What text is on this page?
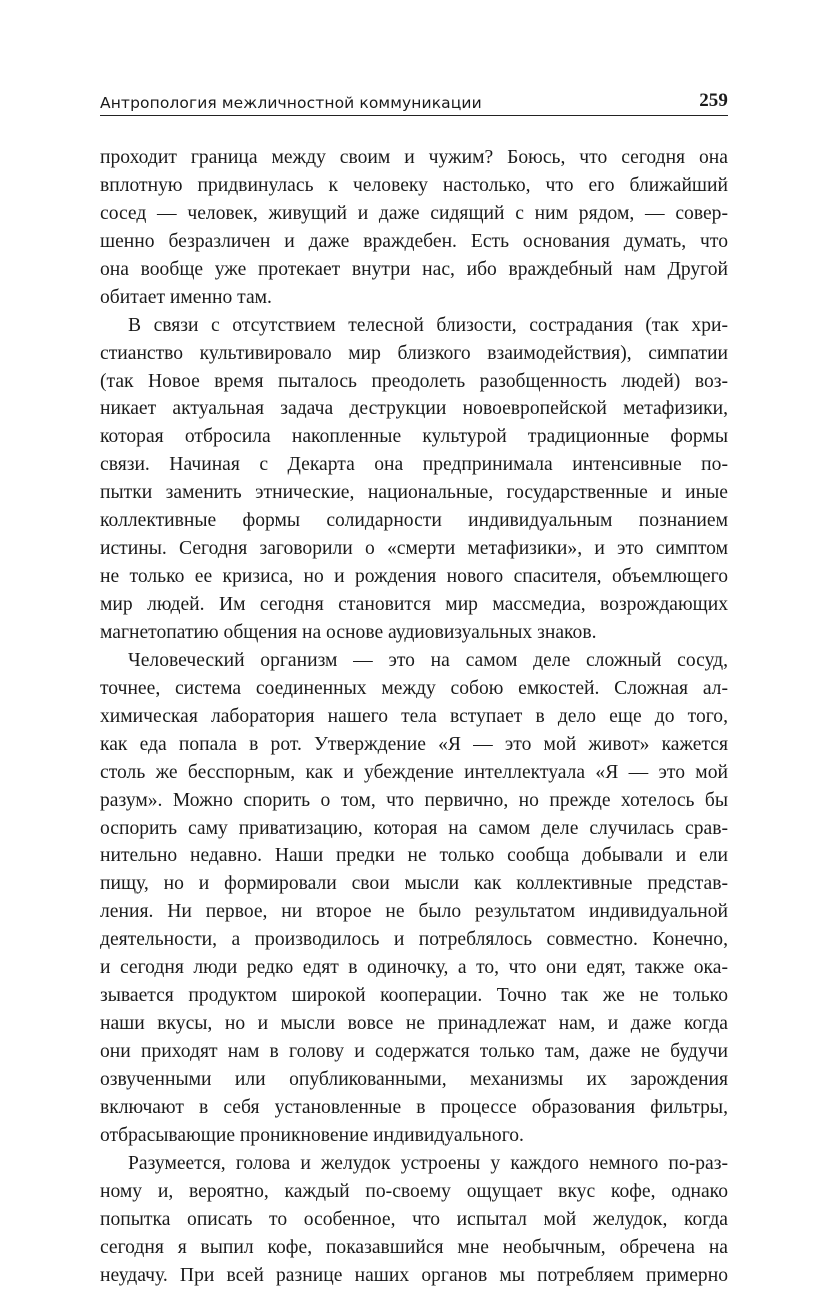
Антропология межличностной коммуникации	259
проходит граница между своим и чужим? Боюсь, что сегодня она
вплотную придвинулась к человеку настолько, что его ближайший
сосед — человек, живущий и даже сидящий с ним рядом, — совер-
шенно безразличен и даже враждебен. Есть основания думать, что
она вообще уже протекает внутри нас, ибо враждебный нам Другой
обитает именно там.
В связи с отсутствием телесной близости, сострадания (так хри-
стианство культивировало мир близкого взаимодействия), симпатии
(так Новое время пыталось преодолеть разобщенность людей) воз-
никает актуальная задача деструкции новоевропейской метафизики,
которая отбросила накопленные культурой традиционные формы
связи. Начиная с Декарта она предпринимала интенсивные по-
пытки заменить этнические, национальные, государственные и иные
коллективные формы солидарности индивидуальным познанием
истины. Сегодня заговорили о «смерти метафизики», и это симптом
не только ее кризиса, но и рождения нового спасителя, объемлющего
мир людей. Им сегодня становится мир массмедиа, возрождающих
магнетопатию общения на основе аудиовизуальных знаков.
Человеческий организм — это на самом деле сложный сосуд,
точнее, система соединенных между собою емкостей. Сложная ал-
химическая лаборатория нашего тела вступает в дело еще до того,
как еда попала в рот. Утверждение «Я — это мой живот» кажется
столь же бесспорным, как и убеждение интеллектуала «Я — это мой
разум». Можно спорить о том, что первично, но прежде хотелось бы
оспорить саму приватизацию, которая на самом деле случилась срав-
нительно недавно. Наши предки не только сообща добывали и ели
пищу, но и формировали свои мысли как коллективные представ-
ления. Ни первое, ни второе не было результатом индивидуальной
деятельности, а производилось и потреблялось совместно. Конечно,
и сегодня люди редко едят в одиночку, а то, что они едят, также ока-
зывается продуктом широкой кооперации. Точно так же не только
наши вкусы, но и мысли вовсе не принадлежат нам, и даже когда
они приходят нам в голову и содержатся только там, даже не будучи
озвученными или опубликованными, механизмы их зарождения
включают в себя установленные в процессе образования фильтры,
отбрасывающие проникновение индивидуального.
Разумеется, голова и желудок устроены у каждого немного по-раз-
ному и, вероятно, каждый по-своему ощущает вкус кофе, однако
попытка описать то особенное, что испытал мой желудок, когда
сегодня я выпил кофе, показавшийся мне необычным, обречена на
неудачу. При всей разнице наших органов мы потребляем примерно
